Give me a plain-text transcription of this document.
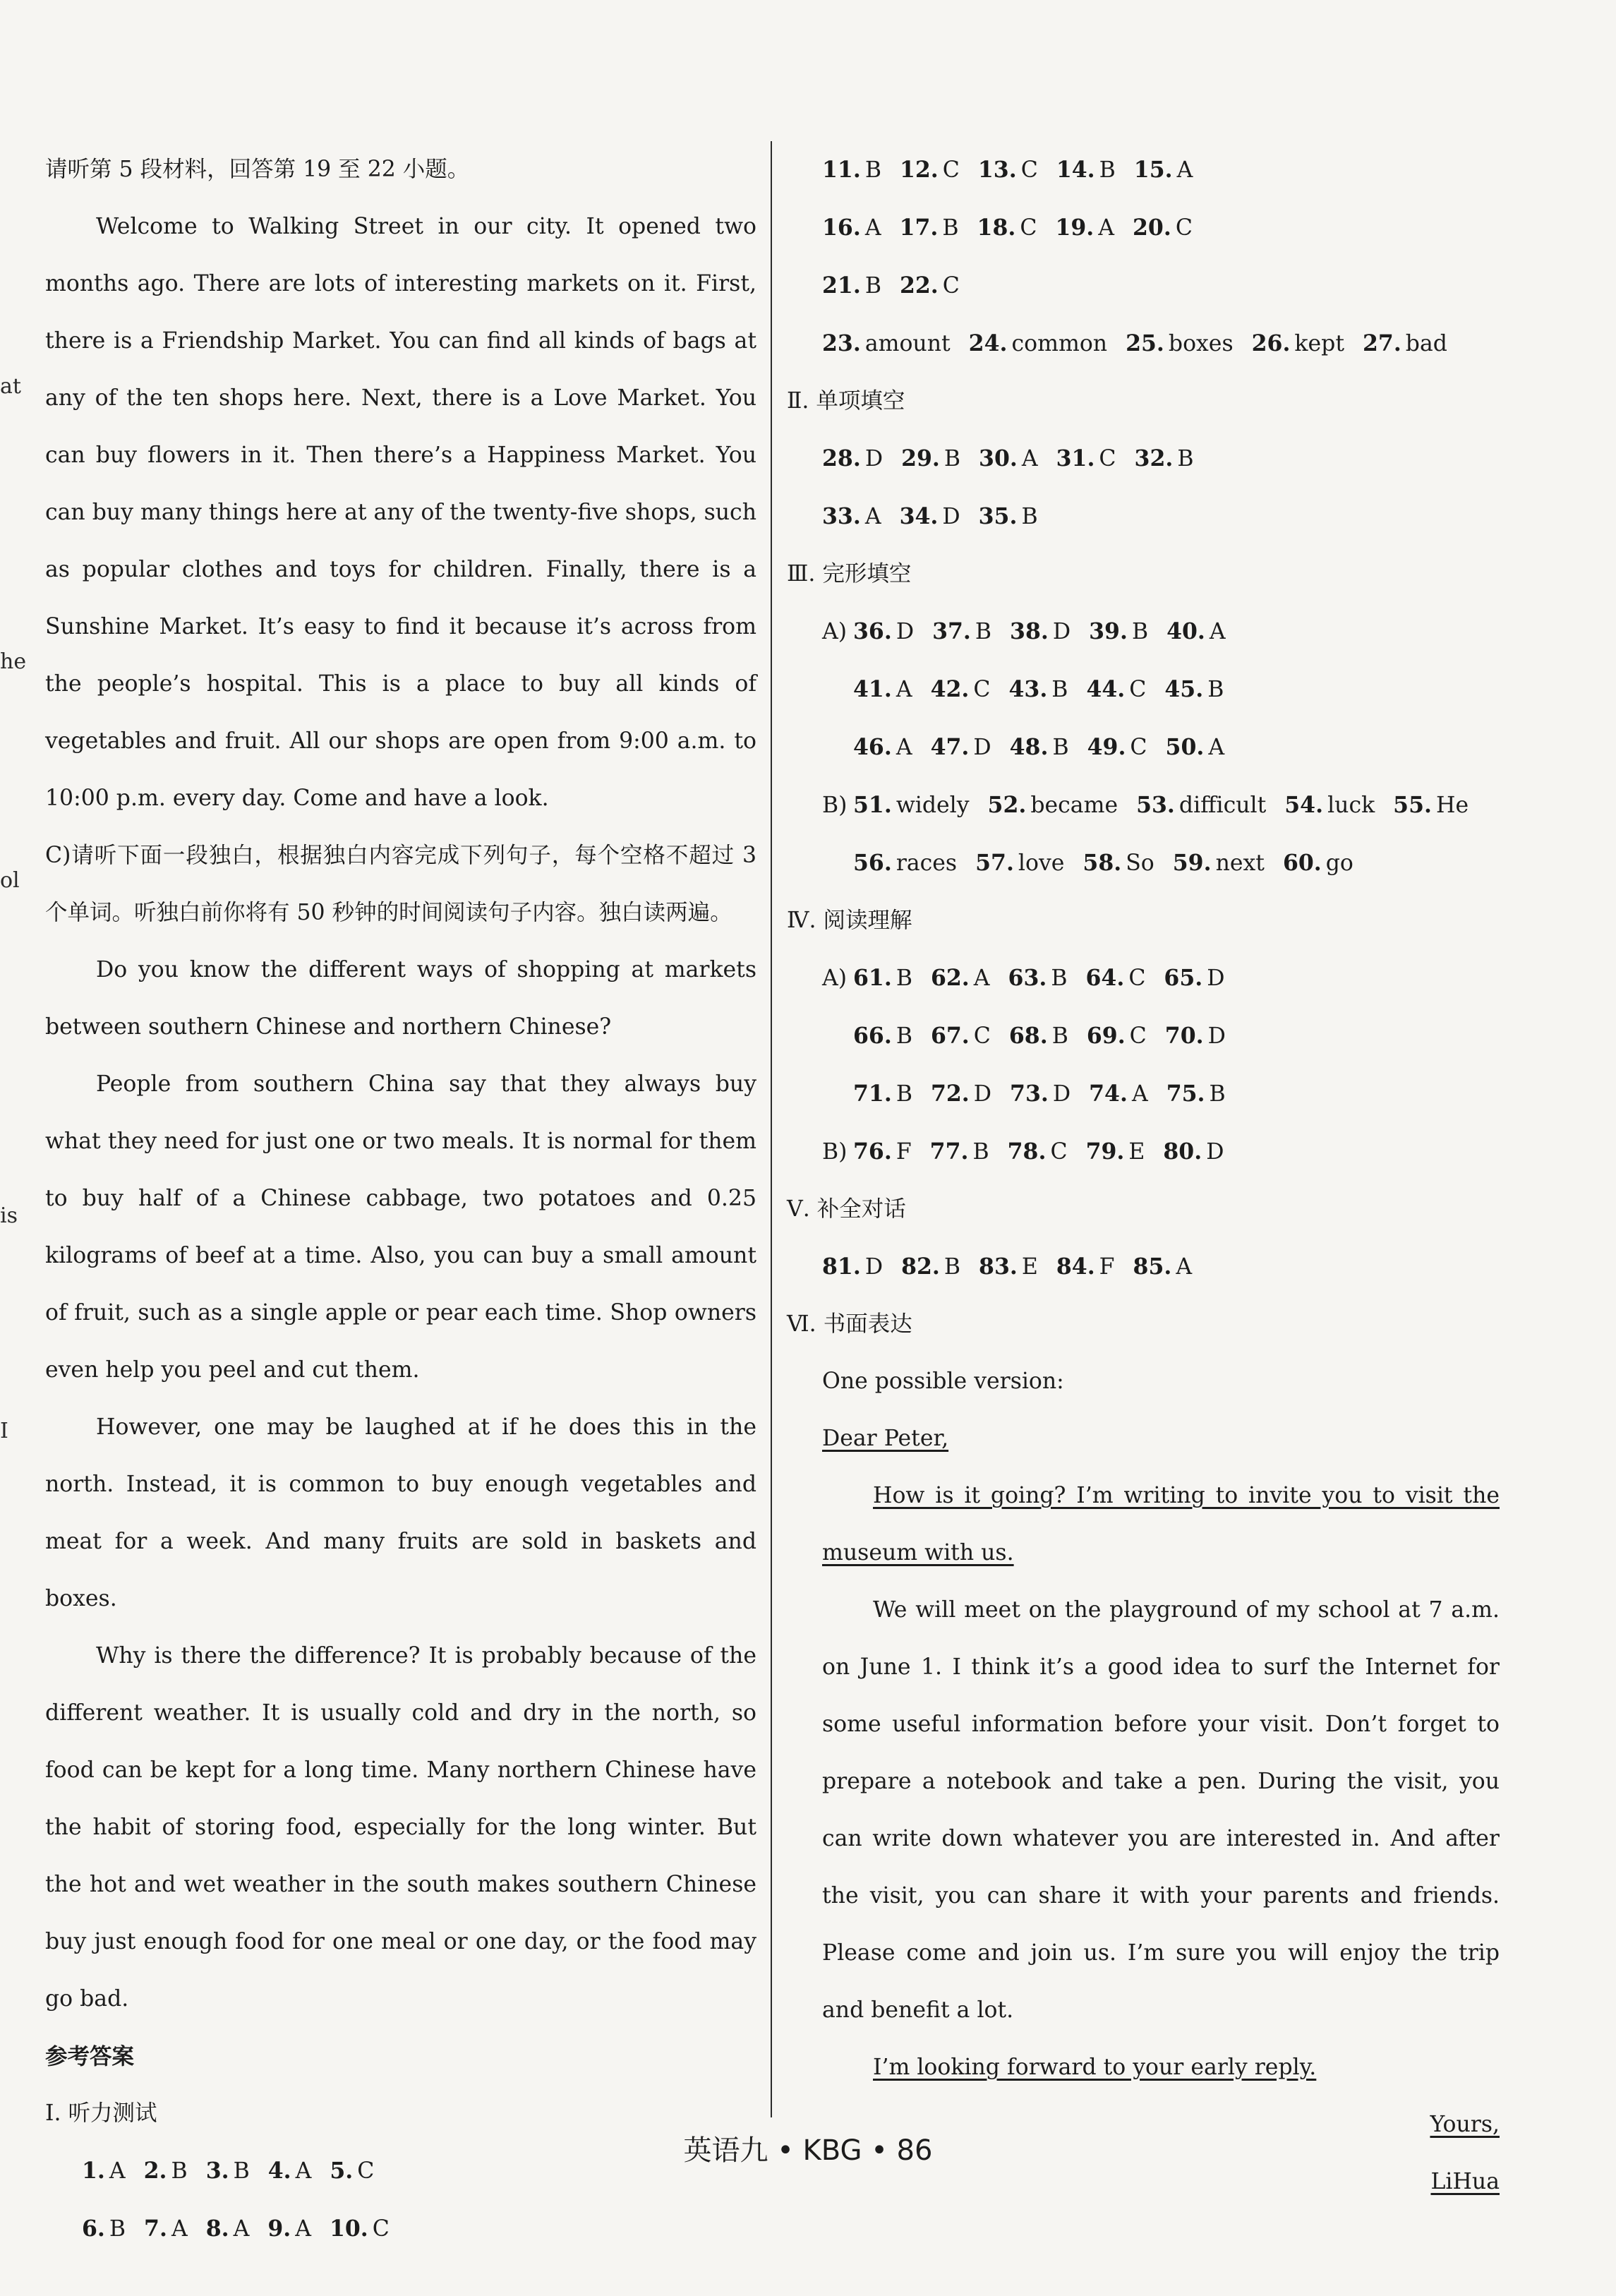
at
he
ol
is
I

请听第 5 段材料，回答第 19 至 22 小题。

Welcome to Walking Street in our city. It opened two months ago. There are lots of interesting markets on it. First, there is a Friendship Market. You can find all kinds of bags at any of the ten shops here. Next, there is a Love Market. You can buy flowers in it. Then there’s a Happiness Market. You can buy many things here at any of the twenty-five shops, such as popular clothes and toys for children. Finally, there is a Sunshine Market. It’s easy to find it because it’s across from the people’s hospital. This is a place to buy all kinds of vegetables and fruit. All our shops are open from 9:00 a.m. to 10:00 p.m. every day. Come and have a look.

C)请听下面一段独白，根据独白内容完成下列句子，每个空格不超过 3 个单词。听独白前你将有 50 秒钟的时间阅读句子内容。独白读两遍。

Do you know the different ways of shopping at markets between southern Chinese and northern Chinese?

People from southern China say that they always buy what they need for just one or two meals. It is normal for them to buy half of a Chinese cabbage, two potatoes and 0.25 kilograms of beef at a time. Also, you can buy a small amount of fruit, such as a single apple or pear each time. Shop owners even help you peel and cut them.

However, one may be laughed at if he does this in the north. Instead, it is common to buy enough vegetables and meat for a week. And many fruits are sold in baskets and boxes.

Why is there the difference? It is probably because of the different weather. It is usually cold and dry in the north, so food can be kept for a long time. Many northern Chinese have the habit of storing food, especially for the long winter. But the hot and wet weather in the south makes southern Chinese buy just enough food for one meal or one day, or the food may go bad.

参考答案

Ⅰ. 听力测试

1. A 2. B 3. B 4. A 5. C

6. B 7. A 8. A 9. A 10. C

11. B 12. C 13. C 14. B 15. A

16. A 17. B 18. C 19. A 20. C

21. B 22. C

23. amount 24. common 25. boxes 26. kept 27. bad

Ⅱ. 单项填空

28. D 29. B 30. A 31. C 32. B

33. A 34. D 35. B

Ⅲ. 完形填空

A) 36. D 37. B 38. D 39. B 40. A

41. A 42. C 43. B 44. C 45. B

46. A 47. D 48. B 49. C 50. A

B) 51. widely 52. became 53. difficult 54. luck 55. He

56. races 57. love 58. So 59. next 60. go

Ⅳ. 阅读理解

A) 61. B 62. A 63. B 64. C 65. D

66. B 67. C 68. B 69. C 70. D

71. B 72. D 73. D 74. A 75. B

B) 76. F 77. B 78. C 79. E 80. D

Ⅴ. 补全对话

81. D 82. B 83. E 84. F 85. A

Ⅵ. 书面表达

One possible version:

Dear Peter,

How is it going? I’m writing to invite you to visit the museum with us.

We will meet on the playground of my school at 7 a.m. on June 1. I think it’s a good idea to surf the Internet for some useful information before your visit. Don’t forget to prepare a notebook and take a pen. During the visit, you can write down whatever you are interested in. And after the visit, you can share it with your parents and friends. Please come and join us. I’m sure you will enjoy the trip and benefit a lot.

I’m looking forward to your early reply.

Yours,

LiHua

英语九 • KBG • 86
